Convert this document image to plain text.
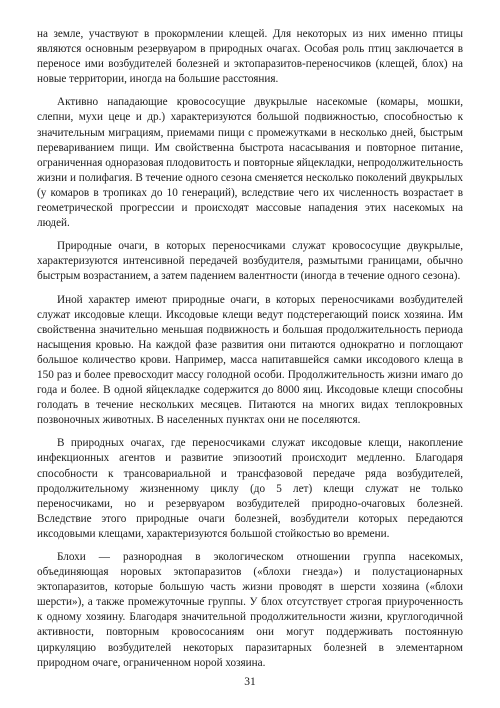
на земле, участвуют в прокормлении клещей. Для некоторых из них именно птицы являются основным резервуаром в природных очагах. Особая роль птиц заключается в переносе ими возбудителей болезней и эктопаразитов-переносчиков (клещей, блох) на новые территории, иногда на большие расстояния.

Активно нападающие кровососущие двукрылые насекомые (комары, мошки, слепни, мухи цеце и др.) характеризуются большой подвижностью, способностью к значительным миграциям, приемами пищи с промежутками в несколько дней, быстрым перевариванием пищи. Им свойственна быстрота насасывания и повторное питание, ограниченная одноразовая плодовитость и повторные яйцекладки, непродолжительность жизни и полифагия. В течение одного сезона сменяется несколько поколений двукрылых (у комаров в тропиках до 10 генераций), вследствие чего их численность возрастает в геометрической прогрессии и происходят массовые нападения этих насекомых на людей.

Природные очаги, в которых переносчиками служат кровососущие двукрылые, характеризуются интенсивной передачей возбудителя, размытыми границами, обычно быстрым возрастанием, а затем падением валентности (иногда в течение одного сезона).

Иной характер имеют природные очаги, в которых переносчиками возбудителей служат иксодовые клещи. Иксодовые клещи ведут подстерегающий поиск хозяина. Им свойственна значительно меньшая подвижность и большая продолжительность периода насыщения кровью. На каждой фазе развития они питаются однократно и поглощают большое количество крови. Например, масса напитавшейся самки иксодового клеща в 150 раз и более превосходит массу голодной особи. Продолжительность жизни имаго до года и более. В одной яйцекладке содержится до 8000 яиц. Иксодовые клещи способны голодать в течение нескольких месяцев. Питаются на многих видах теплокровных позвоночных животных. В населенных пунктах они не поселяются.

В природных очагах, где переносчиками служат иксодовые клещи, накопление инфекционных агентов и развитие эпизоотий происходит медленно. Благодаря способности к трансовариальной и трансфазовой передаче ряда возбудителей, продолжительному жизненному циклу (до 5 лет) клещи служат не только переносчиками, но и резервуаром возбудителей природно-очаговых болезней. Вследствие этого природные очаги болезней, возбудители которых передаются иксодовыми клещами, характеризуются большой стойкостью во времени.

Блохи — разнородная в экологическом отношении группа насекомых, объединяющая норовых эктопаразитов («блохи гнезда») и полустационарных эктопаразитов, которые большую часть жизни проводят в шерсти хозяина («блохи шерсти»), а также промежуточные группы. У блох отсутствует строгая приуроченность к одному хозяину. Благодаря значительной продолжительности жизни, круглогодичной активности, повторным кровососаниям они могут поддерживать постоянную циркуляцию возбудителей некоторых паразитарных болезней в элементарном природном очаге, ограниченном норой хозяина.

31
